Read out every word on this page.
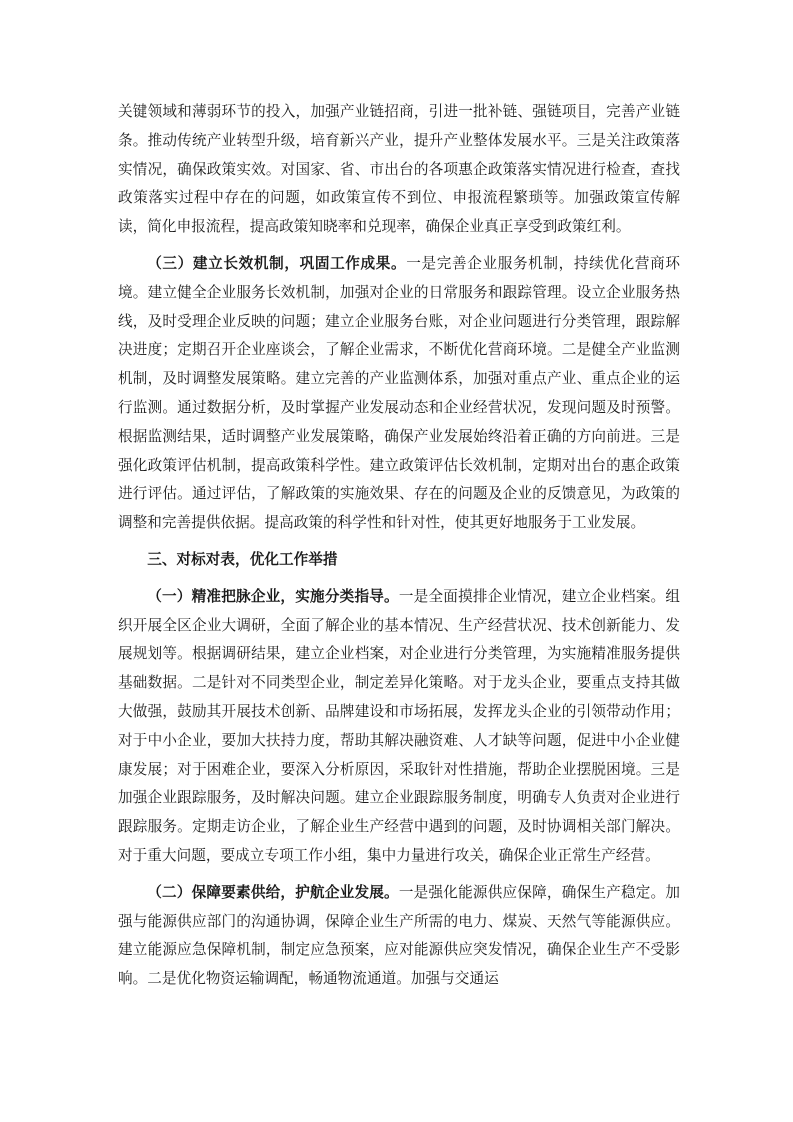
关键领域和薄弱环节的投入，加强产业链招商，引进一批补链、强链项目，完善产业链条。推动传统产业转型升级，培育新兴产业，提升产业整体发展水平。三是关注政策落实情况，确保政策实效。对国家、省、市出台的各项惠企政策落实情况进行检查，查找政策落实过程中存在的问题，如政策宣传不到位、申报流程繁琐等。加强政策宣传解读，简化申报流程，提高政策知晓率和兑现率，确保企业真正享受到政策红利。

（三）建立长效机制，巩固工作成果。一是完善企业服务机制，持续优化营商环境。建立健全企业服务长效机制，加强对企业的日常服务和跟踪管理。设立企业服务热线，及时受理企业反映的问题；建立企业服务台账，对企业问题进行分类管理，跟踪解决进度；定期召开企业座谈会，了解企业需求，不断优化营商环境。二是健全产业监测机制，及时调整发展策略。建立完善的产业监测体系，加强对重点产业、重点企业的运行监测。通过数据分析，及时掌握产业发展动态和企业经营状况，发现问题及时预警。根据监测结果，适时调整产业发展策略，确保产业发展始终沿着正确的方向前进。三是强化政策评估机制，提高政策科学性。建立政策评估长效机制，定期对出台的惠企政策进行评估。通过评估，了解政策的实施效果、存在的问题及企业的反馈意见，为政策的调整和完善提供依据。提高政策的科学性和针对性，使其更好地服务于工业发展。

三、对标对表，优化工作举措

（一）精准把脉企业，实施分类指导。一是全面摸排企业情况，建立企业档案。组织开展全区企业大调研，全面了解企业的基本情况、生产经营状况、技术创新能力、发展规划等。根据调研结果，建立企业档案，对企业进行分类管理，为实施精准服务提供基础数据。二是针对不同类型企业，制定差异化策略。对于龙头企业，要重点支持其做大做强，鼓励其开展技术创新、品牌建设和市场拓展，发挥龙头企业的引领带动作用；对于中小企业，要加大扶持力度，帮助其解决融资难、人才缺等问题，促进中小企业健康发展；对于困难企业，要深入分析原因，采取针对性措施，帮助企业摆脱困境。三是加强企业跟踪服务，及时解决问题。建立企业跟踪服务制度，明确专人负责对企业进行跟踪服务。定期走访企业，了解企业生产经营中遇到的问题，及时协调相关部门解决。对于重大问题，要成立专项工作小组，集中力量进行攻关，确保企业正常生产经营。

（二）保障要素供给，护航企业发展。一是强化能源供应保障，确保生产稳定。加强与能源供应部门的沟通协调，保障企业生产所需的电力、煤炭、天然气等能源供应。建立能源应急保障机制，制定应急预案，应对能源供应突发情况，确保企业生产不受影响。二是优化物资运输调配，畅通物流通道。加强与交通运
